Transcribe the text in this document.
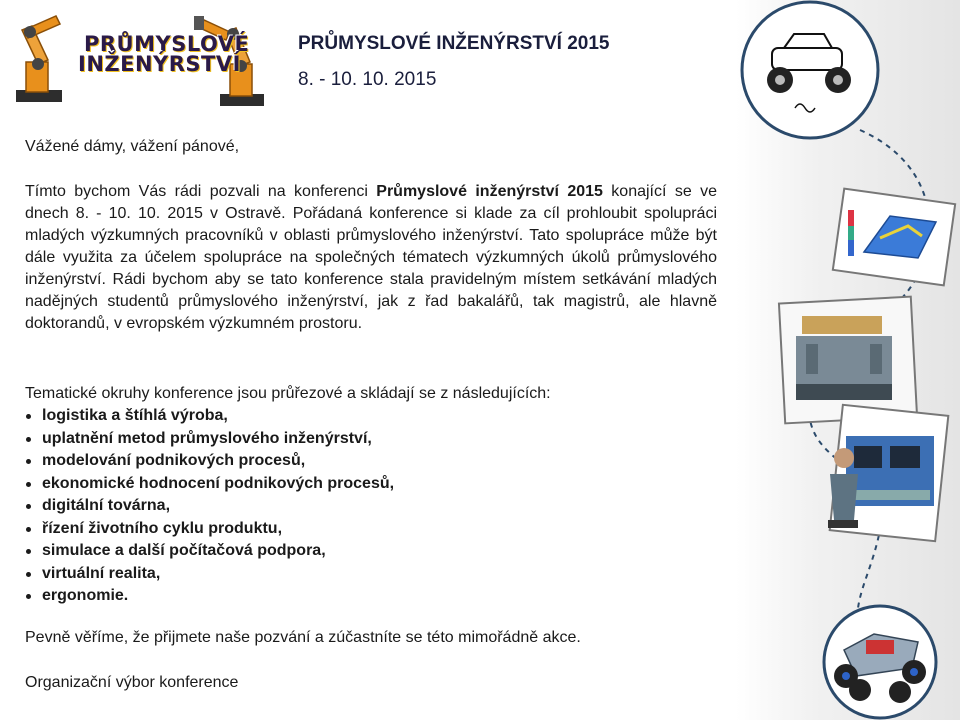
PRŮMYSLOVÉ
INŽENÝRSTVÍ
PRŮMYSLOVÉ INŽENÝRSTVÍ 2015

8. - 10. 10. 2015

Vážené dámy, vážení pánové,

Tímto bychom Vás rádi pozvali na konferenci Průmyslové inženýrství 2015 konající se ve dnech 8. - 10. 10. 2015 v Ostravě. Pořádaná konference si klade za cíl prohloubit spolupráci mladých výzkumných pracovníků v oblasti průmyslového inženýrství. Tato spolupráce může být dále využita za účelem spolupráce na společných tématech výzkumných úkolů průmyslového inženýrství. Rádi bychom aby se tato konference stala pravidelným místem setkávání mladých nadějných studentů průmyslového inženýrství, jak z řad bakalářů, tak magistrů, ale hlavně doktorandů, v evropském výzkumném prostoru.

Tematické okruhy konference jsou průřezové a skládají se z následujících:

logistika a štíhlá výroba,
uplatnění metod průmyslového inženýrství,
modelování podnikových procesů,
ekonomické hodnocení podnikových procesů,
digitální továrna,
řízení životního cyklu produktu,
simulace a další počítačová podpora,
virtuální realita,
ergonomie.

Pevně věříme, že přijmete naše pozvání a zúčastníte se této mimořádně akce.

Organizační výbor konference
